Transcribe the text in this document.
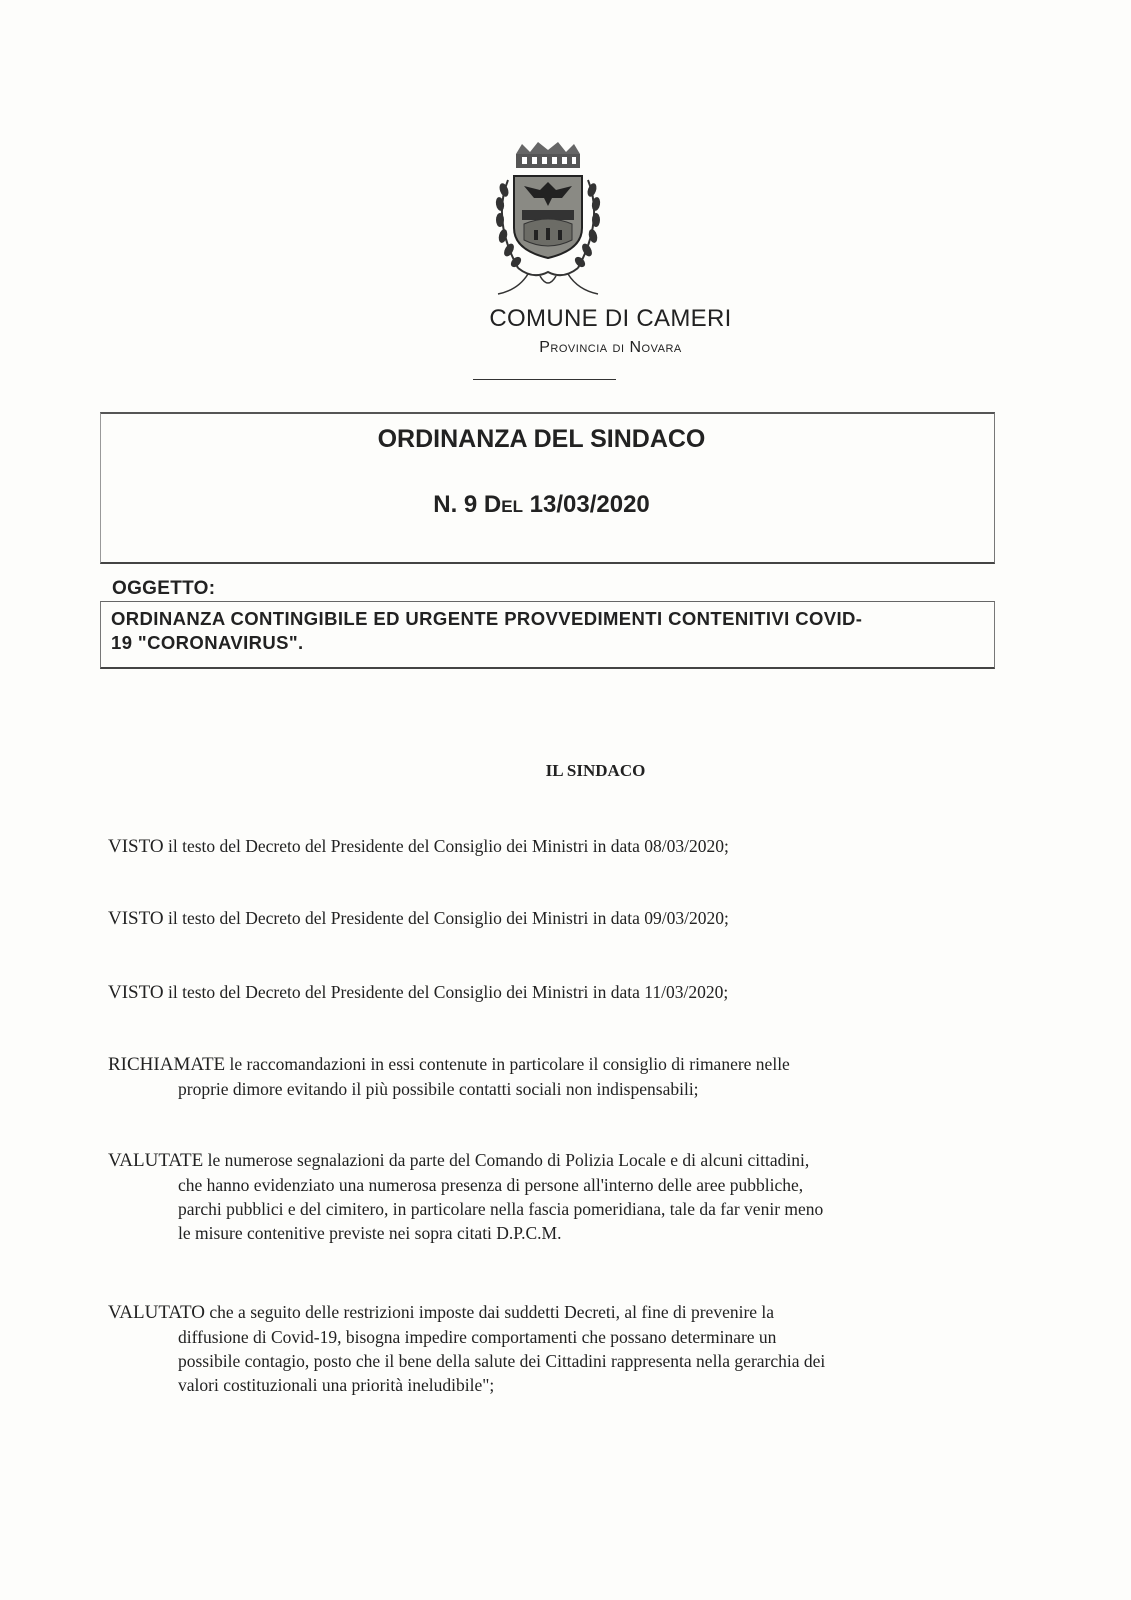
COMUNE DI CAMERI
Provincia di Novara
ORDINANZA DEL SINDACO
N. 9 Del 13/03/2020
OGGETTO:
ORDINANZA CONTINGIBILE ED URGENTE PROVVEDIMENTI CONTENITIVI COVID-
19 "CORONAVIRUS".
IL SINDACO
VISTO il testo del Decreto del Presidente del Consiglio dei Ministri in data 08/03/2020;
VISTO il testo del Decreto del Presidente del Consiglio dei Ministri in data 09/03/2020;
VISTO il testo del Decreto del Presidente del Consiglio dei Ministri in data 11/03/2020;
RICHIAMATE le raccomandazioni in essi contenute in particolare il consiglio di rimanere nelle
proprie dimore evitando il più possibile contatti sociali non indispensabili;
VALUTATE le numerose segnalazioni da parte del Comando di Polizia Locale e di alcuni cittadini,
che hanno evidenziato una numerosa presenza di persone all'interno delle aree pubbliche,
parchi pubblici e del cimitero, in particolare nella fascia pomeridiana, tale da far venir meno
le misure contenitive previste nei sopra citati D.P.C.M.
VALUTATO che a seguito delle restrizioni imposte dai suddetti Decreti, al fine di prevenire la
diffusione di Covid-19, bisogna impedire comportamenti che possano determinare un
possibile contagio, posto che il bene della salute dei Cittadini rappresenta nella gerarchia dei
valori costituzionali una priorità ineludibile";
